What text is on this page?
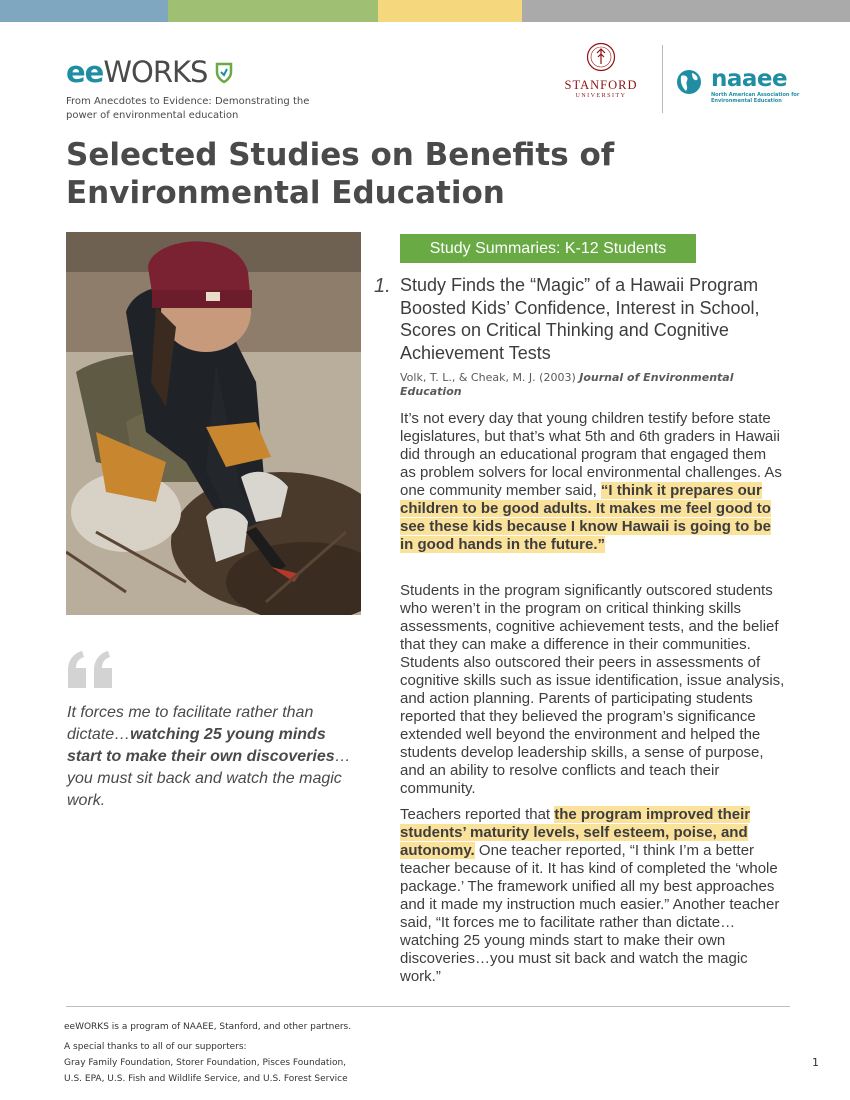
eeWORKS
From Anecdotes to Evidence: Demonstrating the power of environmental education
STANFORD
UNIVERSITY
naaee
North American Association for Environmental Education
Selected Studies on Benefits of Environmental Education

It forces me to facilitate rather than dictate…watching 25 young minds start to make their own discoveries… you must sit back and watch the magic work.

Study Summaries: K-12 Students
1. Study Finds the “Magic” of a Hawaii Program Boosted Kids’ Confidence, Interest in School, Scores on Critical Thinking and Cognitive Achievement Tests
Volk, T. L., & Cheak, M. J. (2003) Journal of Environmental Education

It’s not every day that young children testify before state legislatures, but that’s what 5th and 6th graders in Hawaii did through an educational program that engaged them as problem solvers for local environmental challenges. As one community member said, “I think it prepares our children to be good adults. It makes me feel good to see these kids because I know Hawaii is going to be in good hands in the future.”

Students in the program significantly outscored students who weren’t in the program on critical thinking skills assessments, cognitive achievement tests, and the belief that they can make a difference in their communities. Students also outscored their peers in assessments of cognitive skills such as issue identification, issue analysis, and action planning. Parents of participating students reported that they believed the program’s significance extended well beyond the environment and helped the students develop leadership skills, a sense of purpose, and an ability to resolve conflicts and teach their community.

Teachers reported that the program improved their students’ maturity levels, self esteem, poise, and autonomy. One teacher reported, “I think I’m a better teacher because of it. It has kind of completed the ‘whole package.’ The framework unified all my best approaches and it made my instruction much easier.” Another teacher said, “It forces me to facilitate rather than dictate…watching 25 young minds start to make their own discoveries…you must sit back and watch the magic work.”

eeWORKS is a program of NAAEE, Stanford, and other partners.
A special thanks to all of our supporters:
Gray Family Foundation, Storer Foundation, Pisces Foundation,
U.S. EPA, U.S. Fish and Wildlife Service, and U.S. Forest Service
1
